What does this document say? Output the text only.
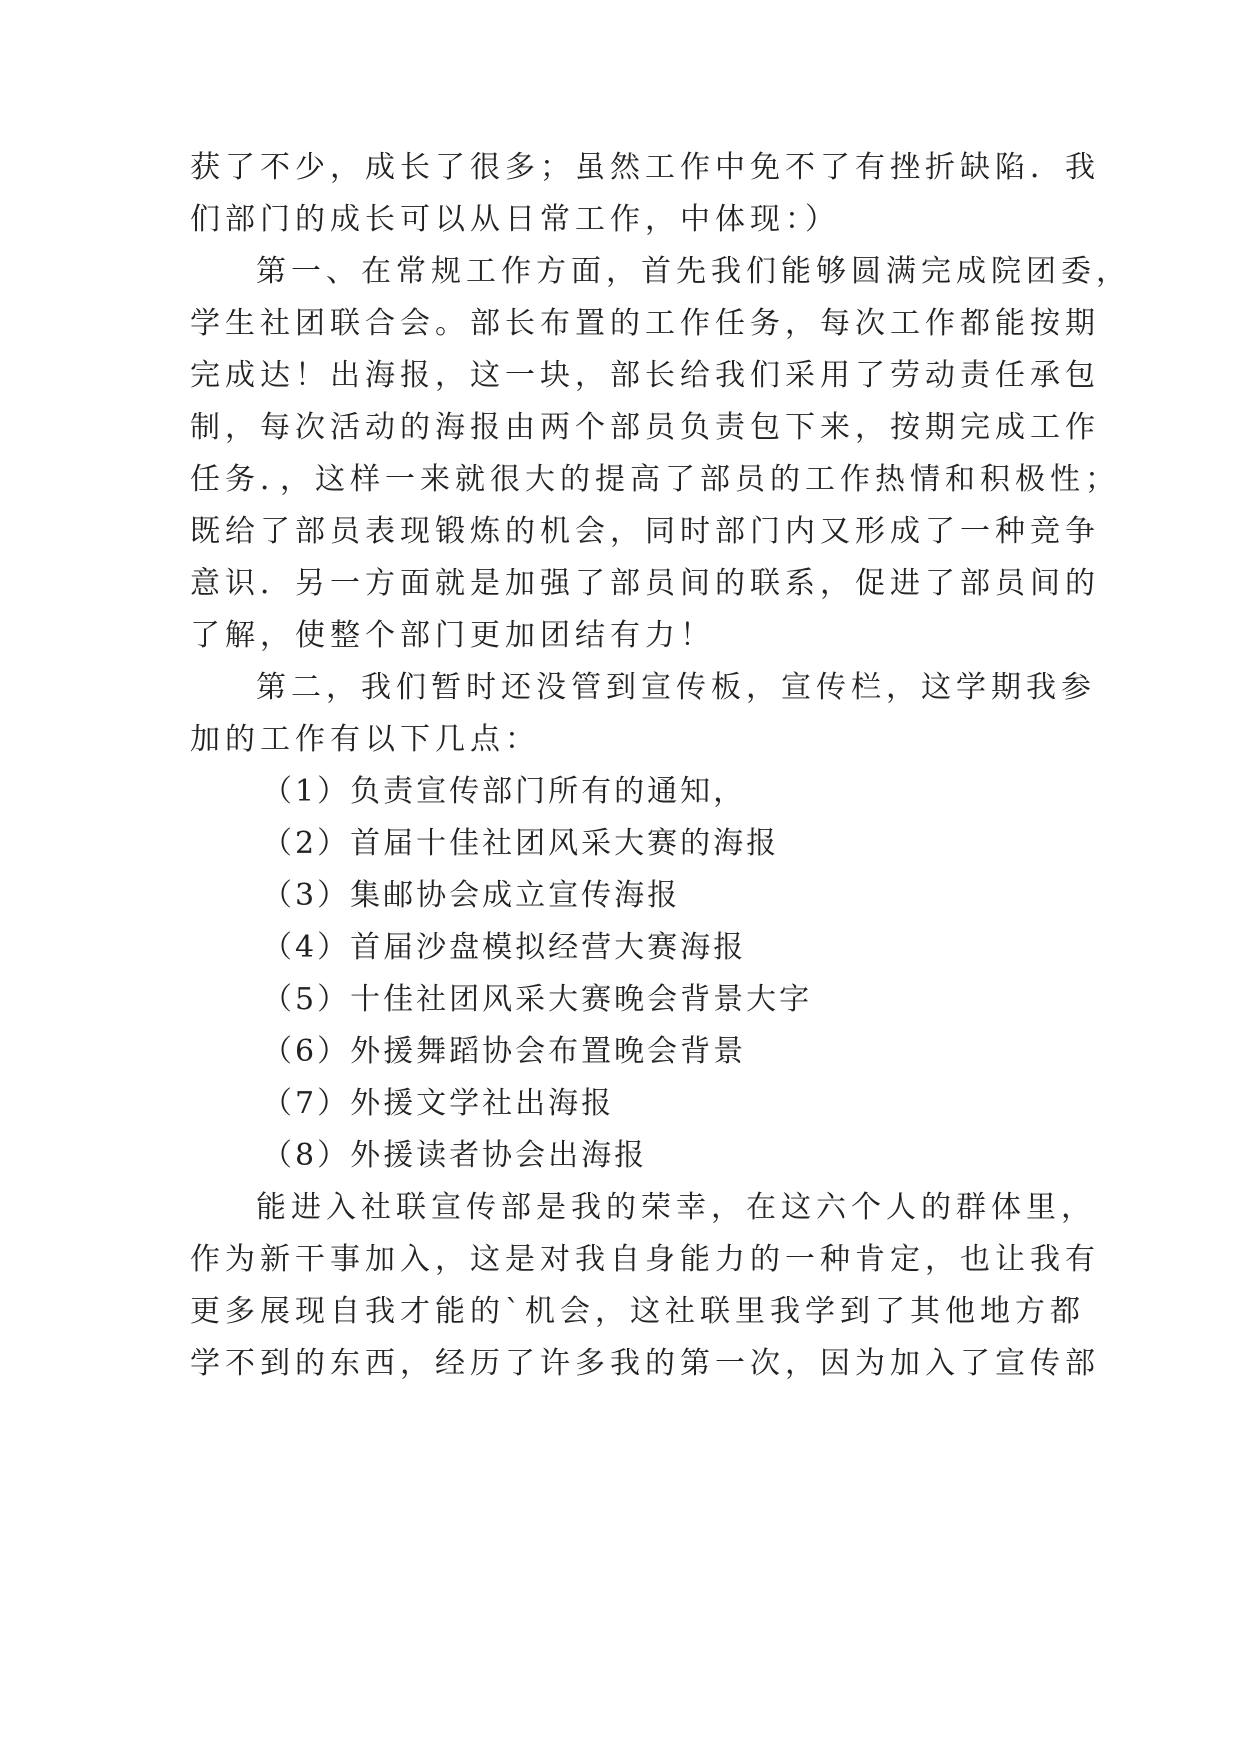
获了不少，成长了很多；虽然工作中免不了有挫折缺陷．我
们部门的成长可以从日常工作，中体现：）
第一、在常规工作方面，首先我们能够圆满完成院团委，
学生社团联合会。部长布置的工作任务，每次工作都能按期
完成达！出海报，这一块，部长给我们采用了劳动责任承包
制，每次活动的海报由两个部员负责包下来，按期完成工作
任务．，这样一来就很大的提高了部员的工作热情和积极性；
既给了部员表现锻炼的机会，同时部门内又形成了一种竞争
意识．另一方面就是加强了部员间的联系，促进了部员间的
了解，使整个部门更加团结有力！
第二，我们暂时还没管到宣传板，宣传栏，这学期我参
加的工作有以下几点：
（1）负责宣传部门所有的通知，
（2）首届十佳社团风采大赛的海报
（3）集邮协会成立宣传海报
（4）首届沙盘模拟经营大赛海报
（5）十佳社团风采大赛晚会背景大字
（6）外援舞蹈协会布置晚会背景
（7）外援文学社出海报
（8）外援读者协会出海报
能进入社联宣传部是我的荣幸，在这六个人的群体里，
作为新干事加入，这是对我自身能力的一种肯定，也让我有
更多展现自我才能的`机会，这社联里我学到了其他地方都
学不到的东西，经历了许多我的第一次，因为加入了宣传部
